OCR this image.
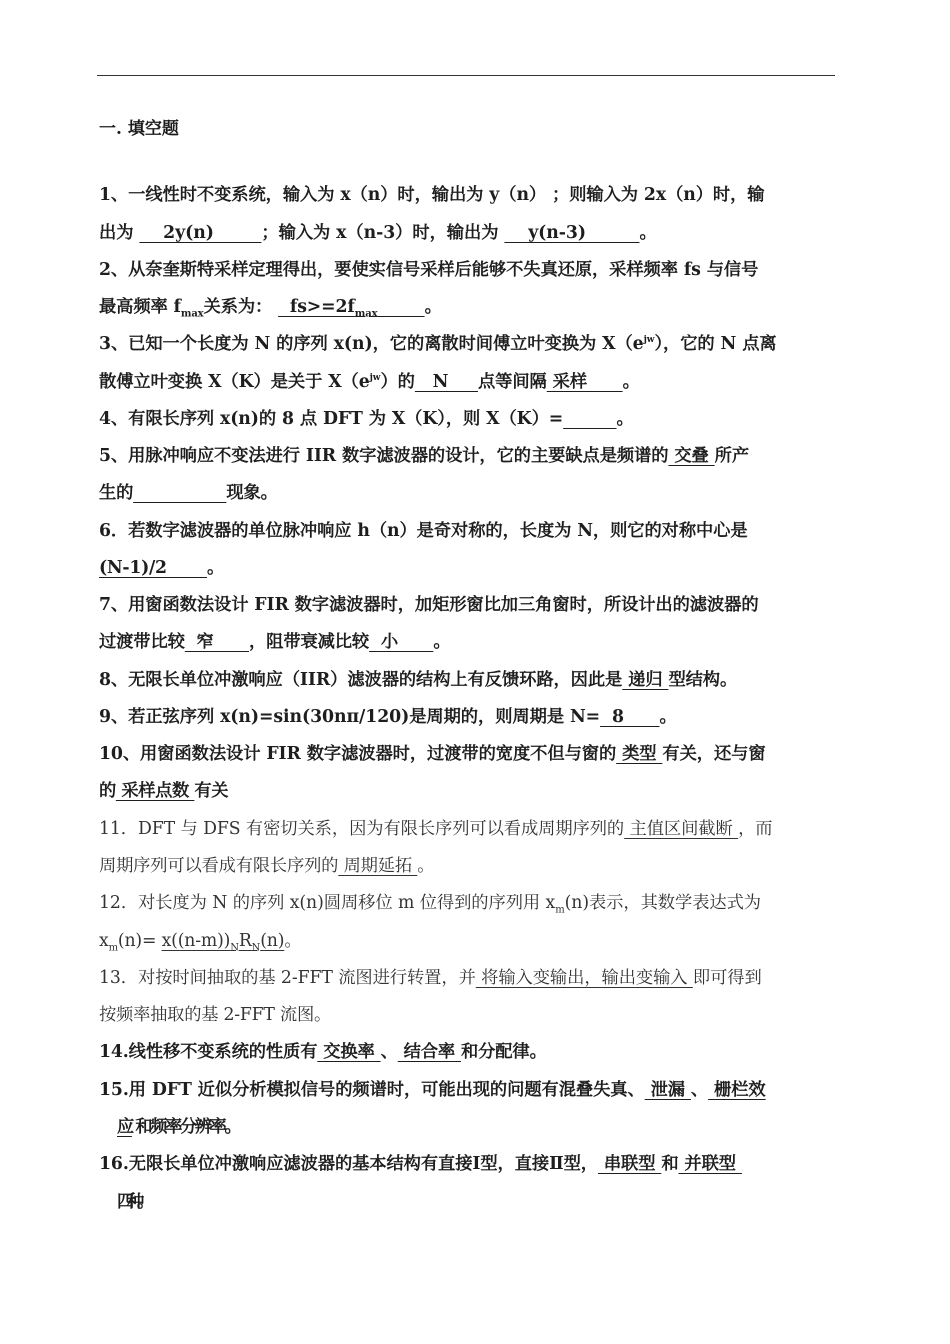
一. 填空题
1、一线性时不变系统，输入为 x（n）时，输出为 y（n） ；则输入为 2x（n）时，输
出为     2y(n)        ；输入为 x（n-3）时，输出为     y(n-3)         。
2、从奈奎斯特采样定理得出，要使实信号采样后能够不失真还原，采样频率 fs 与信号
最高频率 $f_{max}$关系为：   $fs>=2f_{max}$	。
3、已知一个长度为 N 的序列 x(n)，它的离散时间傅立叶变换为 $X(e^{jw})$，它的 N 点离
散傅立叶变换 X（K）是关于 $X(e^{jw})$的   N     点等间隔 采样      。
4、有限长序列 x(n)的 8 点 DFT 为 X（K），则 X（K）=	。
5、用脉冲响应不变法进行 IIR 数字滤波器的设计，它的主要缺点是频谱的 交叠 所产
生的	现象。
6．若数字滤波器的单位脉冲响应 h（n）是奇对称的，长度为 N，则它的对称中心是
(N-1)/2       。
7、用窗函数法设计 FIR 数字滤波器时，加矩形窗比加三角窗时，所设计出的滤波器的
过渡带比较  窄      ，阻带衰减比较  小      。
8、无限长单位冲激响应（IIR）滤波器的结构上有反馈环路，因此是 递归 型结构。
9、若正弦序列 x(n)=sin(30nπ/120)是周期的，则周期是 N=  8      。
10、用窗函数法设计 FIR 数字滤波器时，过渡带的宽度不但与窗的 类型 有关，还与窗
的 采样点数 有关
11．DFT 与 DFS 有密切关系，因为有限长序列可以看成周期序列的 主值区间截断 ，而
周期序列可以看成有限长序列的 周期延拓 。
12．对长度为 N 的序列 x(n)圆周移位 m 位得到的序列用 $x_m(n)$表示，其数学表达式为
$x_m(n)= x((n-m))_NR_N(n)$。
13．对按时间抽取的基 2-FFT 流图进行转置，并 将输入变输出，输出变输入 即可得到
按频率抽取的基 2-FFT 流图。
14.线性移不变系统的性质有 交换率 、 结合率 和分配律。
15.用 DFT 近似分析模拟信号的频谱时，可能出现的问题有混叠失真、 泄漏 、 栅栏效
应 和频率分辨率。
16.无限长单位冲激响应滤波器的基本结构有直接Ⅰ型，直接Ⅱ型， 串联型 和 并联型
四种。
